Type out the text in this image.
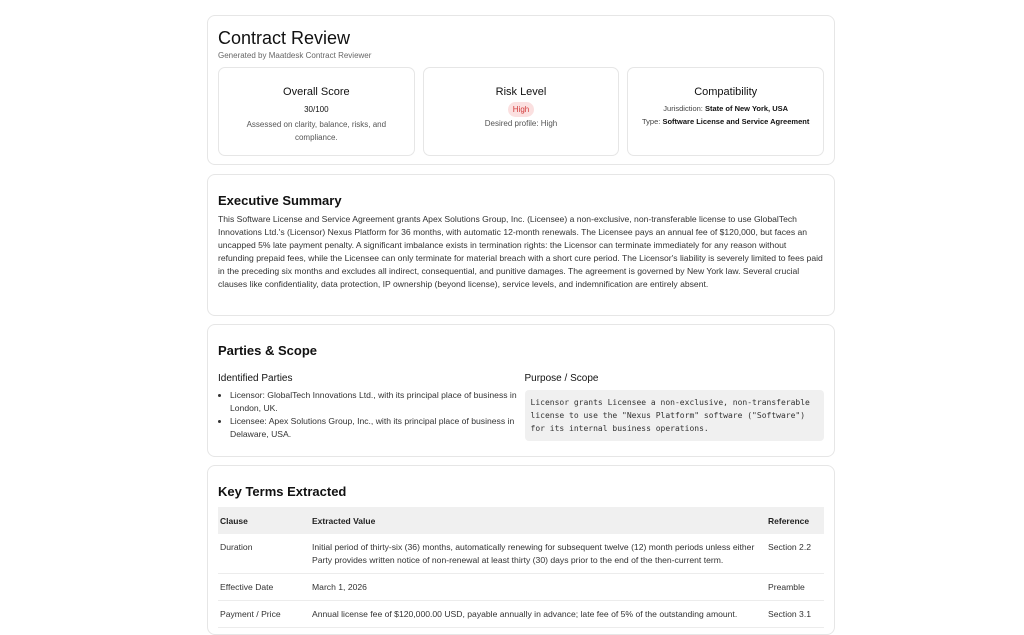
Contract Review
Generated by Maatdesk Contract Reviewer
Overall Score
30/100
Assessed on clarity, balance, risks, and compliance.
Risk Level
High
Desired profile: High
Compatibility
Jurisdiction: State of New York, USA
Type: Software License and Service Agreement
Executive Summary
This Software License and Service Agreement grants Apex Solutions Group, Inc. (Licensee) a non-exclusive, non-transferable license to use GlobalTech Innovations Ltd.'s (Licensor) Nexus Platform for 36 months, with automatic 12-month renewals. The Licensee pays an annual fee of $120,000, but faces an uncapped 5% late payment penalty. A significant imbalance exists in termination rights: the Licensor can terminate immediately for any reason without refunding prepaid fees, while the Licensee can only terminate for material breach with a short cure period. The Licensor's liability is severely limited to fees paid in the preceding six months and excludes all indirect, consequential, and punitive damages. The agreement is governed by New York law. Several crucial clauses like confidentiality, data protection, IP ownership (beyond license), service levels, and indemnification are entirely absent.
Parties & Scope
Identified Parties
• Licensor: GlobalTech Innovations Ltd., with its principal place of business in London, UK.
• Licensee: Apex Solutions Group, Inc., with its principal place of business in Delaware, USA.
Purpose / Scope
Licensor grants Licensee a non-exclusive, non-transferable license to use the "Nexus Platform" software ("Software") for its internal business operations.
Key Terms Extracted
Clause	Extracted Value	Reference
Duration	Initial period of thirty-six (36) months, automatically renewing for subsequent twelve (12) month periods unless either Party provides written notice of non-renewal at least thirty (30) days prior to the end of the then-current term.	Section 2.2
Effective Date	March 1, 2026	Preamble
Payment / Price	Annual license fee of $120,000.00 USD, payable annually in advance; late fee of 5% of the outstanding amount.	Section 3.1
